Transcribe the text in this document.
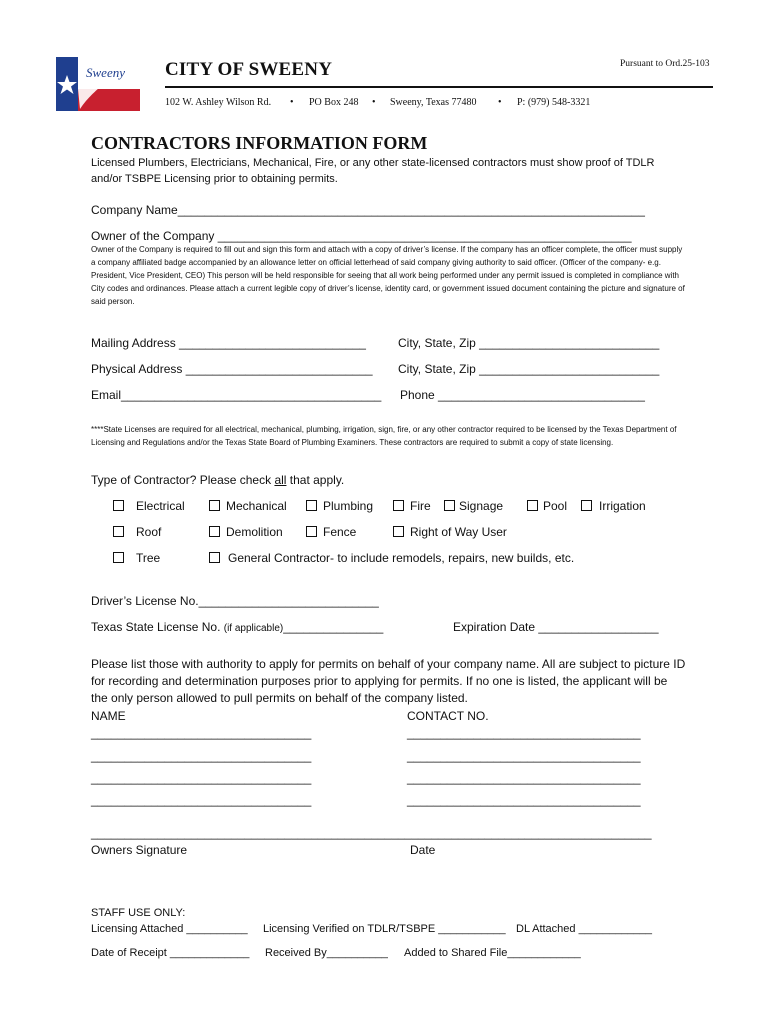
Sweeny CITY OF SWEENY	Pursuant to Ord.25-103
102 W. Ashley Wilson Rd. • PO Box 248 • Sweeny, Texas 77480 • P: (979) 548-3321
CONTRACTORS INFORMATION FORM
Licensed Plumbers, Electricians, Mechanical, Fire, or any other state-licensed contractors must show proof of TDLR and/or TSBPE Licensing prior to obtaining permits.
Company Name______________________________________________________________________
Owner of the Company ______________________________________________________________
Owner of the Company is required to fill out and sign this form and attach with a copy of driver’s license. If the company has an officer complete, the officer must supply a company affiliated badge accompanied by an allowance letter on official letterhead of said company giving authority to said officer. (Officer of the company- e.g. President, Vice President, CEO) This person will be held responsible for seeing that all work being performed under any permit issued is completed in compliance with City codes and ordinances. Please attach a current legible copy of driver’s license, identity card, or government issued document containing the picture and signature of said person.
Mailing Address ____________________________	City, State, Zip ___________________________
Physical Address ____________________________ City, State, Zip ___________________________
Email_______________________________________ Phone _______________________________
****State Licenses are required for all electrical, mechanical, plumbing, irrigation, sign, fire, or any other contractor required to be licensed by the Texas Department of Licensing and Regulations and/or the Texas State Board of Plumbing Examiners. These contractors are required to submit a copy of state licensing.
Type of Contractor? Please check all that apply.
Electrical	Mechanical	Plumbing	Fire Signage	Pool	Irrigation
Roof	Demolition	Fence	Right of Way User
Tree	General Contractor- to include remodels, repairs, new builds, etc.
Driver’s License No.___________________________
Texas State License No. (if applicable)_______________	Expiration Date __________________
Please list those with authority to apply for permits on behalf of your company name. All are subject to picture ID for recording and determination purposes prior to applying for permits. If no one is listed, the applicant will be the only person allowed to pull permits on behalf of the company listed.
NAME	CONTACT NO.
_________________________________	___________________________________
_________________________________	___________________________________
_________________________________	___________________________________
_________________________________	___________________________________
____________________________________________________________________________________
Owners Signature	Date
STAFF USE ONLY:
Licensing Attached __________ Licensing Verified on TDLR/TSBPE ___________ DL Attached ____________
Date of Receipt _____________ Received By__________ Added to Shared File____________
